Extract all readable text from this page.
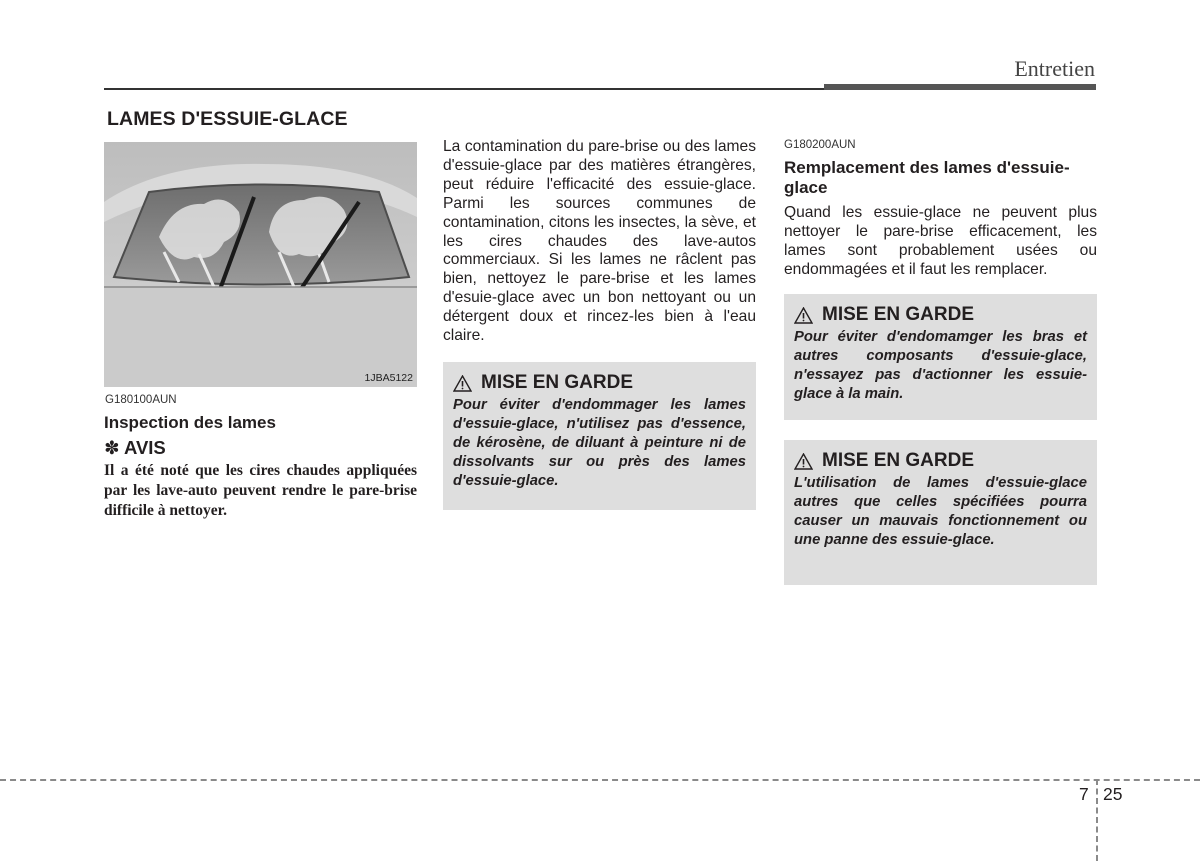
Entretien
LAMES D'ESSUIE-GLACE
1JBA5122
G180100AUN
Inspection des lames
✽ AVIS
Il a été noté que les cires chaudes appliquées par les lave-auto peuvent rendre le pare-brise difficile à nettoyer.
La contamination du pare-brise ou des lames d'essuie-glace par des matières étrangères, peut réduire l'efficacité des essuie-glace. Parmi les sources communes de contamination, citons les insectes, la sève, et les cires chaudes des lave-autos commerciaux. Si les lames ne râclent pas bien, nettoyez le pare-brise et les lames d'esuie-glace avec un bon nettoyant ou un détergent doux et rincez-les bien à l'eau claire.
MISE EN GARDE
Pour éviter d'endommager les lames d'essuie-glace, n'utilisez pas d'essence, de kérosène, de diluant à peinture ni de dissolvants sur ou près des lames d'essuie-glace.
G180200AUN
Remplacement des lames d'essuie-glace
Quand les essuie-glace ne peuvent plus nettoyer le pare-brise efficacement, les lames sont probablement usées ou endommagées et il faut les remplacer.
MISE EN GARDE
Pour éviter d'endomamger les bras et autres composants d'essuie-glace, n'essayez pas d'actionner les essuie-glace à la main.
MISE EN GARDE
L'utilisation de lames d'essuie-glace autres que celles spécifiées pourra causer un mauvais fonctionnement ou une panne des essuie-glace.
7 25
